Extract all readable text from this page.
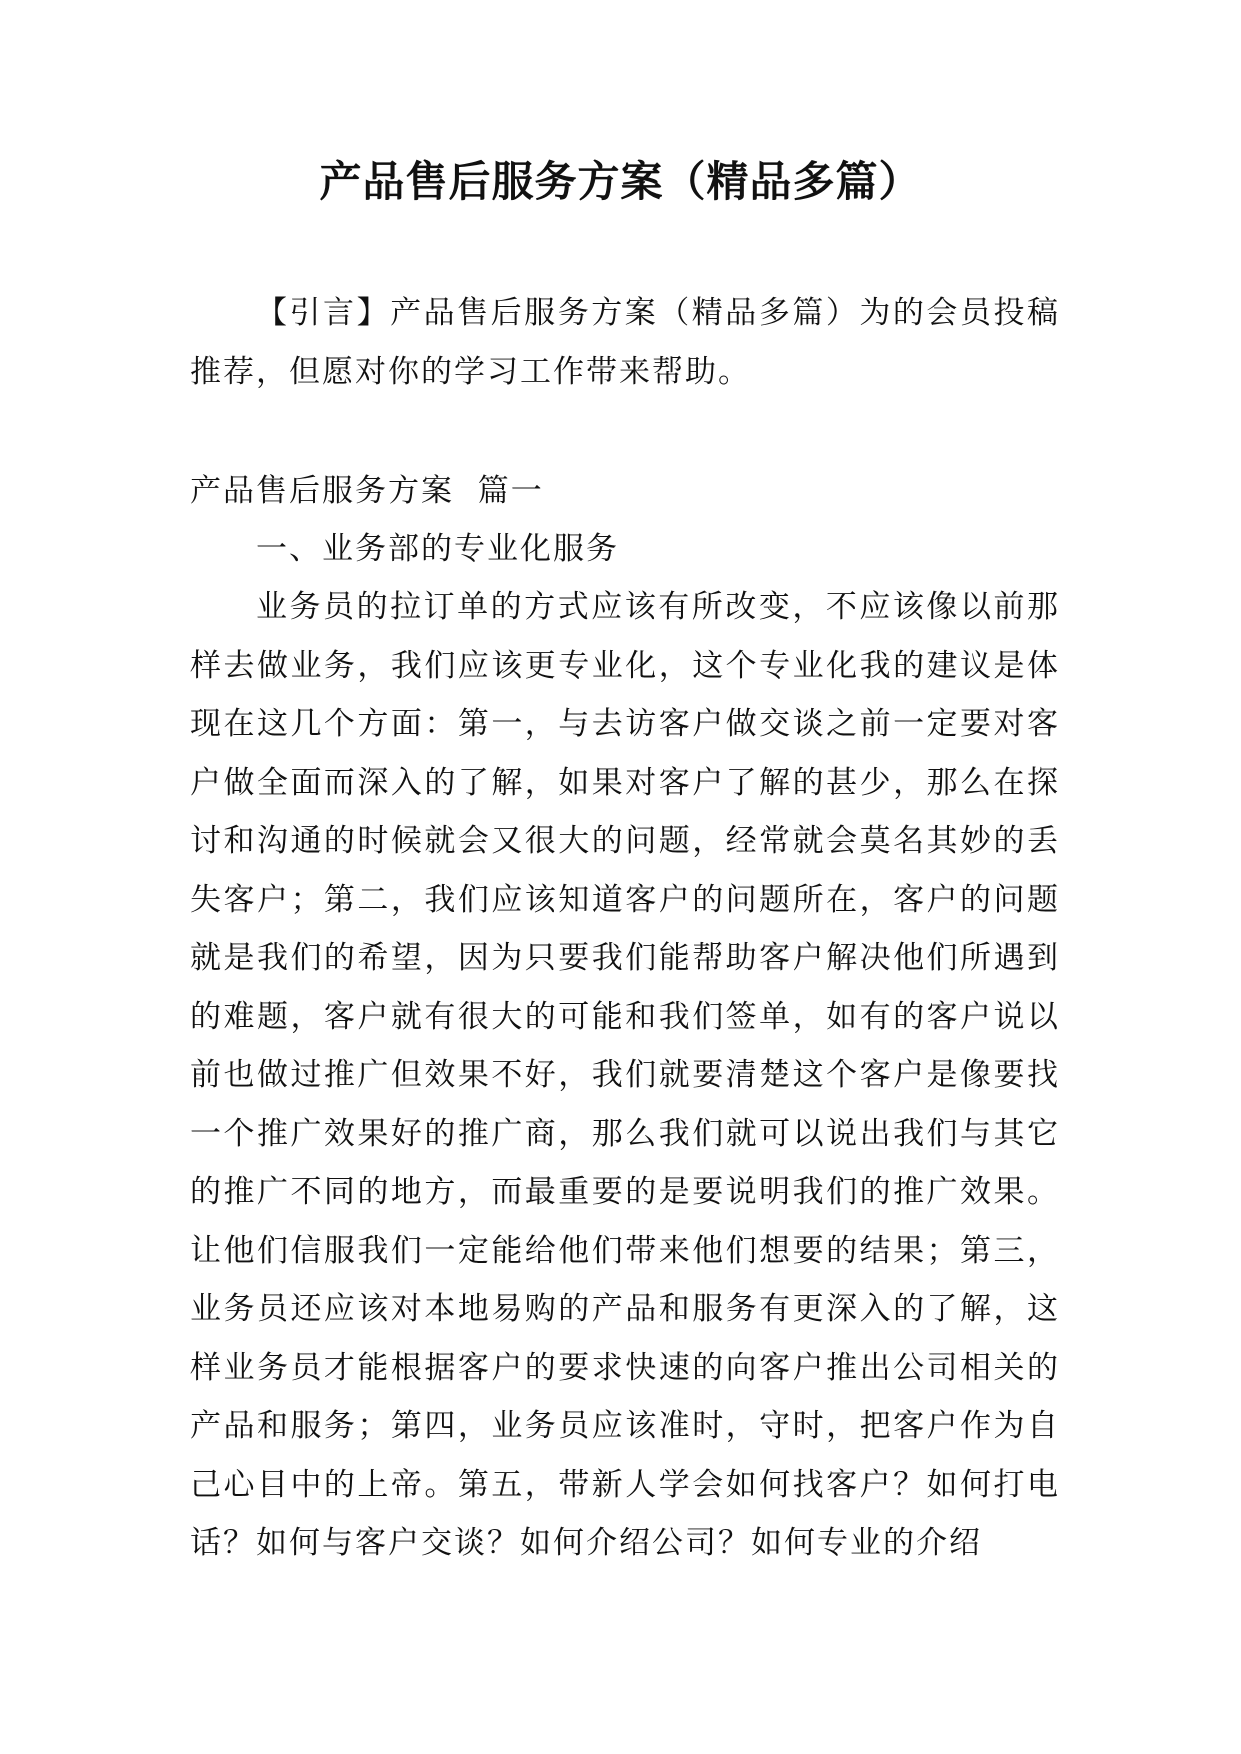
产品售后服务方案（精品多篇）
【引言】产品售后服务方案（精品多篇）为的会员投稿推荐，但愿对你的学习工作带来帮助。
产品售后服务方案  篇一
一、业务部的专业化服务
业务员的拉订单的方式应该有所改变，不应该像以前那样去做业务，我们应该更专业化，这个专业化我的建议是体现在这几个方面：第一，与去访客户做交谈之前一定要对客户做全面而深入的了解，如果对客户了解的甚少，那么在探讨和沟通的时候就会又很大的问题，经常就会莫名其妙的丢失客户；第二，我们应该知道客户的问题所在，客户的问题就是我们的希望，因为只要我们能帮助客户解决他们所遇到的难题，客户就有很大的可能和我们签单，如有的客户说以前也做过推广但效果不好，我们就要清楚这个客户是像要找一个推广效果好的推广商，那么我们就可以说出我们与其它的推广不同的地方，而最重要的是要说明我们的推广效果。让他们信服我们一定能给他们带来他们想要的结果；第三，业务员还应该对本地易购的产品和服务有更深入的了解，这样业务员才能根据客户的要求快速的向客户推出公司相关的产品和服务；第四，业务员应该准时，守时，把客户作为自己心目中的上帝。第五，带新人学会如何找客户？如何打电话？如何与客户交谈？如何介绍公司？如何专业的介绍
